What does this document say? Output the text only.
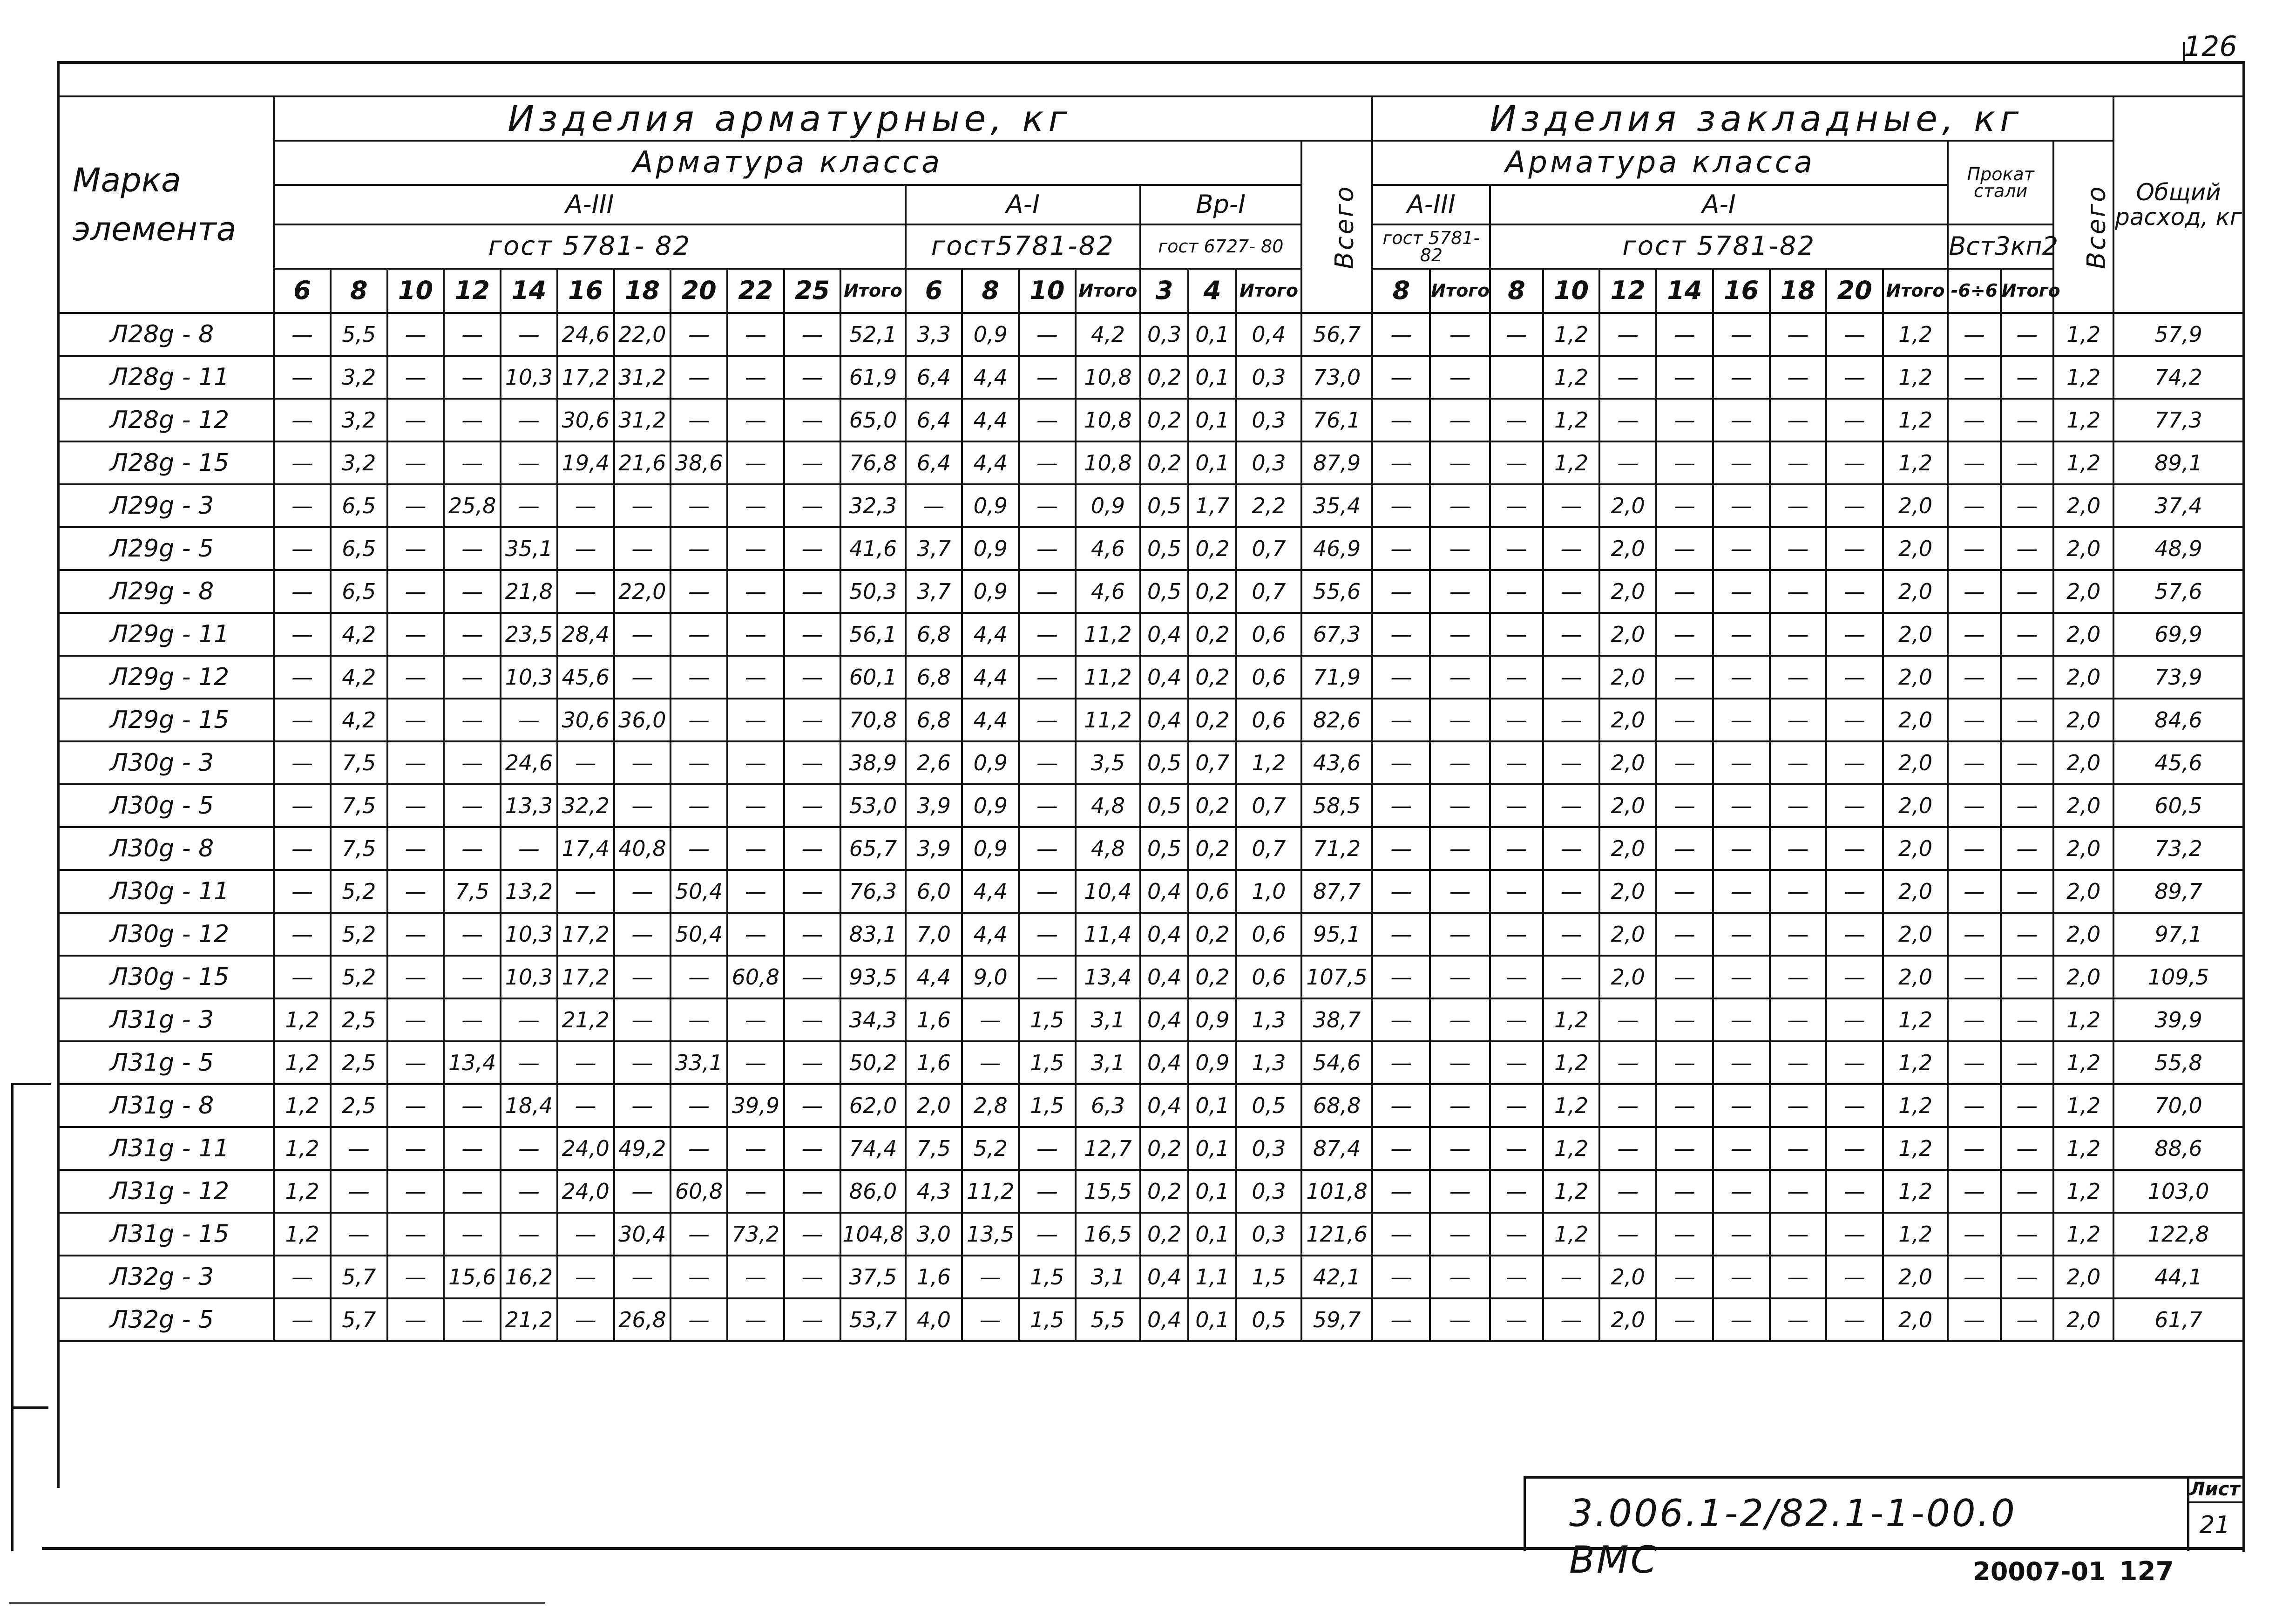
126
Марка элемента	Изделия арматурные, кг																			Изделия закладные, кг													Общий расход, кг
	Арматура класса																		Всего	Арматура класса										Прокат стали		Всего	
	А-III											А-I				Вр-I				А-III		А-I											
	гост 5781- 82											гост5781-82				гост 6727- 80				гост 5781-82		гост 5781-82								Вст3кп2			
	6	8	10	12	14	16	18	20	22	25	Итого	6	8	10	Итого	3	4	Итого		8	Итого	8	10	12	14	16	18	20	Итого	-6÷6	Итого		
Л28g - 8	—	5,5	—	—	—	24,6	22,0	—	—	—	52,1	3,3	0,9	—	4,2	0,3	0,1	0,4	56,7	—	—	—	1,2	—	—	—	—	—	1,2	—	—	1,2	57,9
Л28g - 11	—	3,2	—	—	10,3	17,2	31,2	—	—	—	61,9	6,4	4,4	—	10,8	0,2	0,1	0,3	73,0	—	—		1,2	—	—	—	—	—	1,2	—	—	1,2	74,2
Л28g - 12	—	3,2	—	—	—	30,6	31,2	—	—	—	65,0	6,4	4,4	—	10,8	0,2	0,1	0,3	76,1	—	—	—	1,2	—	—	—	—	—	1,2	—	—	1,2	77,3
Л28g - 15	—	3,2	—	—	—	19,4	21,6	38,6	—	—	76,8	6,4	4,4	—	10,8	0,2	0,1	0,3	87,9	—	—	—	1,2	—	—	—	—	—	1,2	—	—	1,2	89,1
Л29g - 3	—	6,5	—	25,8	—	—	—	—	—	—	32,3	—	0,9	—	0,9	0,5	1,7	2,2	35,4	—	—	—	—	2,0	—	—	—	—	2,0	—	—	2,0	37,4
Л29g - 5	—	6,5	—	—	35,1	—	—	—	—	—	41,6	3,7	0,9	—	4,6	0,5	0,2	0,7	46,9	—	—	—	—	2,0	—	—	—	—	2,0	—	—	2,0	48,9
Л29g - 8	—	6,5	—	—	21,8	—	22,0	—	—	—	50,3	3,7	0,9	—	4,6	0,5	0,2	0,7	55,6	—	—	—	—	2,0	—	—	—	—	2,0	—	—	2,0	57,6
Л29g - 11	—	4,2	—	—	23,5	28,4	—	—	—	—	56,1	6,8	4,4	—	11,2	0,4	0,2	0,6	67,3	—	—	—	—	2,0	—	—	—	—	2,0	—	—	2,0	69,9
Л29g - 12	—	4,2	—	—	10,3	45,6	—	—	—	—	60,1	6,8	4,4	—	11,2	0,4	0,2	0,6	71,9	—	—	—	—	2,0	—	—	—	—	2,0	—	—	2,0	73,9
Л29g - 15	—	4,2	—	—	—	30,6	36,0	—	—	—	70,8	6,8	4,4	—	11,2	0,4	0,2	0,6	82,6	—	—	—	—	2,0	—	—	—	—	2,0	—	—	2,0	84,6
Л30g - 3	—	7,5	—	—	24,6	—	—	—	—	—	38,9	2,6	0,9	—	3,5	0,5	0,7	1,2	43,6	—	—	—	—	2,0	—	—	—	—	2,0	—	—	2,0	45,6
Л30g - 5	—	7,5	—	—	13,3	32,2	—	—	—	—	53,0	3,9	0,9	—	4,8	0,5	0,2	0,7	58,5	—	—	—	—	2,0	—	—	—	—	2,0	—	—	2,0	60,5
Л30g - 8	—	7,5	—	—	—	17,4	40,8	—	—	—	65,7	3,9	0,9	—	4,8	0,5	0,2	0,7	71,2	—	—	—	—	2,0	—	—	—	—	2,0	—	—	2,0	73,2
Л30g - 11	—	5,2	—	7,5	13,2	—	—	50,4	—	—	76,3	6,0	4,4	—	10,4	0,4	0,6	1,0	87,7	—	—	—	—	2,0	—	—	—	—	2,0	—	—	2,0	89,7
Л30g - 12	—	5,2	—	—	10,3	17,2	—	50,4	—	—	83,1	7,0	4,4	—	11,4	0,4	0,2	0,6	95,1	—	—	—	—	2,0	—	—	—	—	2,0	—	—	2,0	97,1
Л30g - 15	—	5,2	—	—	10,3	17,2	—	—	60,8	—	93,5	4,4	9,0	—	13,4	0,4	0,2	0,6	107,5	—	—	—	—	2,0	—	—	—	—	2,0	—	—	2,0	109,5
Л31g - 3	1,2	2,5	—	—	—	21,2	—	—	—	—	34,3	1,6	—	1,5	3,1	0,4	0,9	1,3	38,7	—	—	—	1,2	—	—	—	—	—	1,2	—	—	1,2	39,9
Л31g - 5	1,2	2,5	—	13,4	—	—	—	33,1	—	—	50,2	1,6	—	1,5	3,1	0,4	0,9	1,3	54,6	—	—	—	1,2	—	—	—	—	—	1,2	—	—	1,2	55,8
Л31g - 8	1,2	2,5	—	—	18,4	—	—	—	39,9	—	62,0	2,0	2,8	1,5	6,3	0,4	0,1	0,5	68,8	—	—	—	1,2	—	—	—	—	—	1,2	—	—	1,2	70,0
Л31g - 11	1,2	—	—	—	—	24,0	49,2	—	—	—	74,4	7,5	5,2	—	12,7	0,2	0,1	0,3	87,4	—	—	—	1,2	—	—	—	—	—	1,2	—	—	1,2	88,6
Л31g - 12	1,2	—	—	—	—	24,0	—	60,8	—	—	86,0	4,3	11,2	—	15,5	0,2	0,1	0,3	101,8	—	—	—	1,2	—	—	—	—	—	1,2	—	—	1,2	103,0
Л31g - 15	1,2	—	—	—	—	—	30,4	—	73,2	—	104,8	3,0	13,5	—	16,5	0,2	0,1	0,3	121,6	—	—	—	1,2	—	—	—	—	—	1,2	—	—	1,2	122,8
Л32g - 3	—	5,7	—	15,6	16,2	—	—	—	—	—	37,5	1,6	—	1,5	3,1	0,4	1,1	1,5	42,1	—	—	—	—	2,0	—	—	—	—	2,0	—	—	2,0	44,1
Л32g - 5	—	5,7	—	—	21,2	—	26,8	—	—	—	53,7	4,0	—	1,5	5,5	0,4	0,1	0,5	59,7	—	—	—	—	2,0	—	—	—	—	2,0	—	—	2,0	61,7

3.006.1-2/82.1-1-00.0 ВМС
Лист
21
20007-01 127
